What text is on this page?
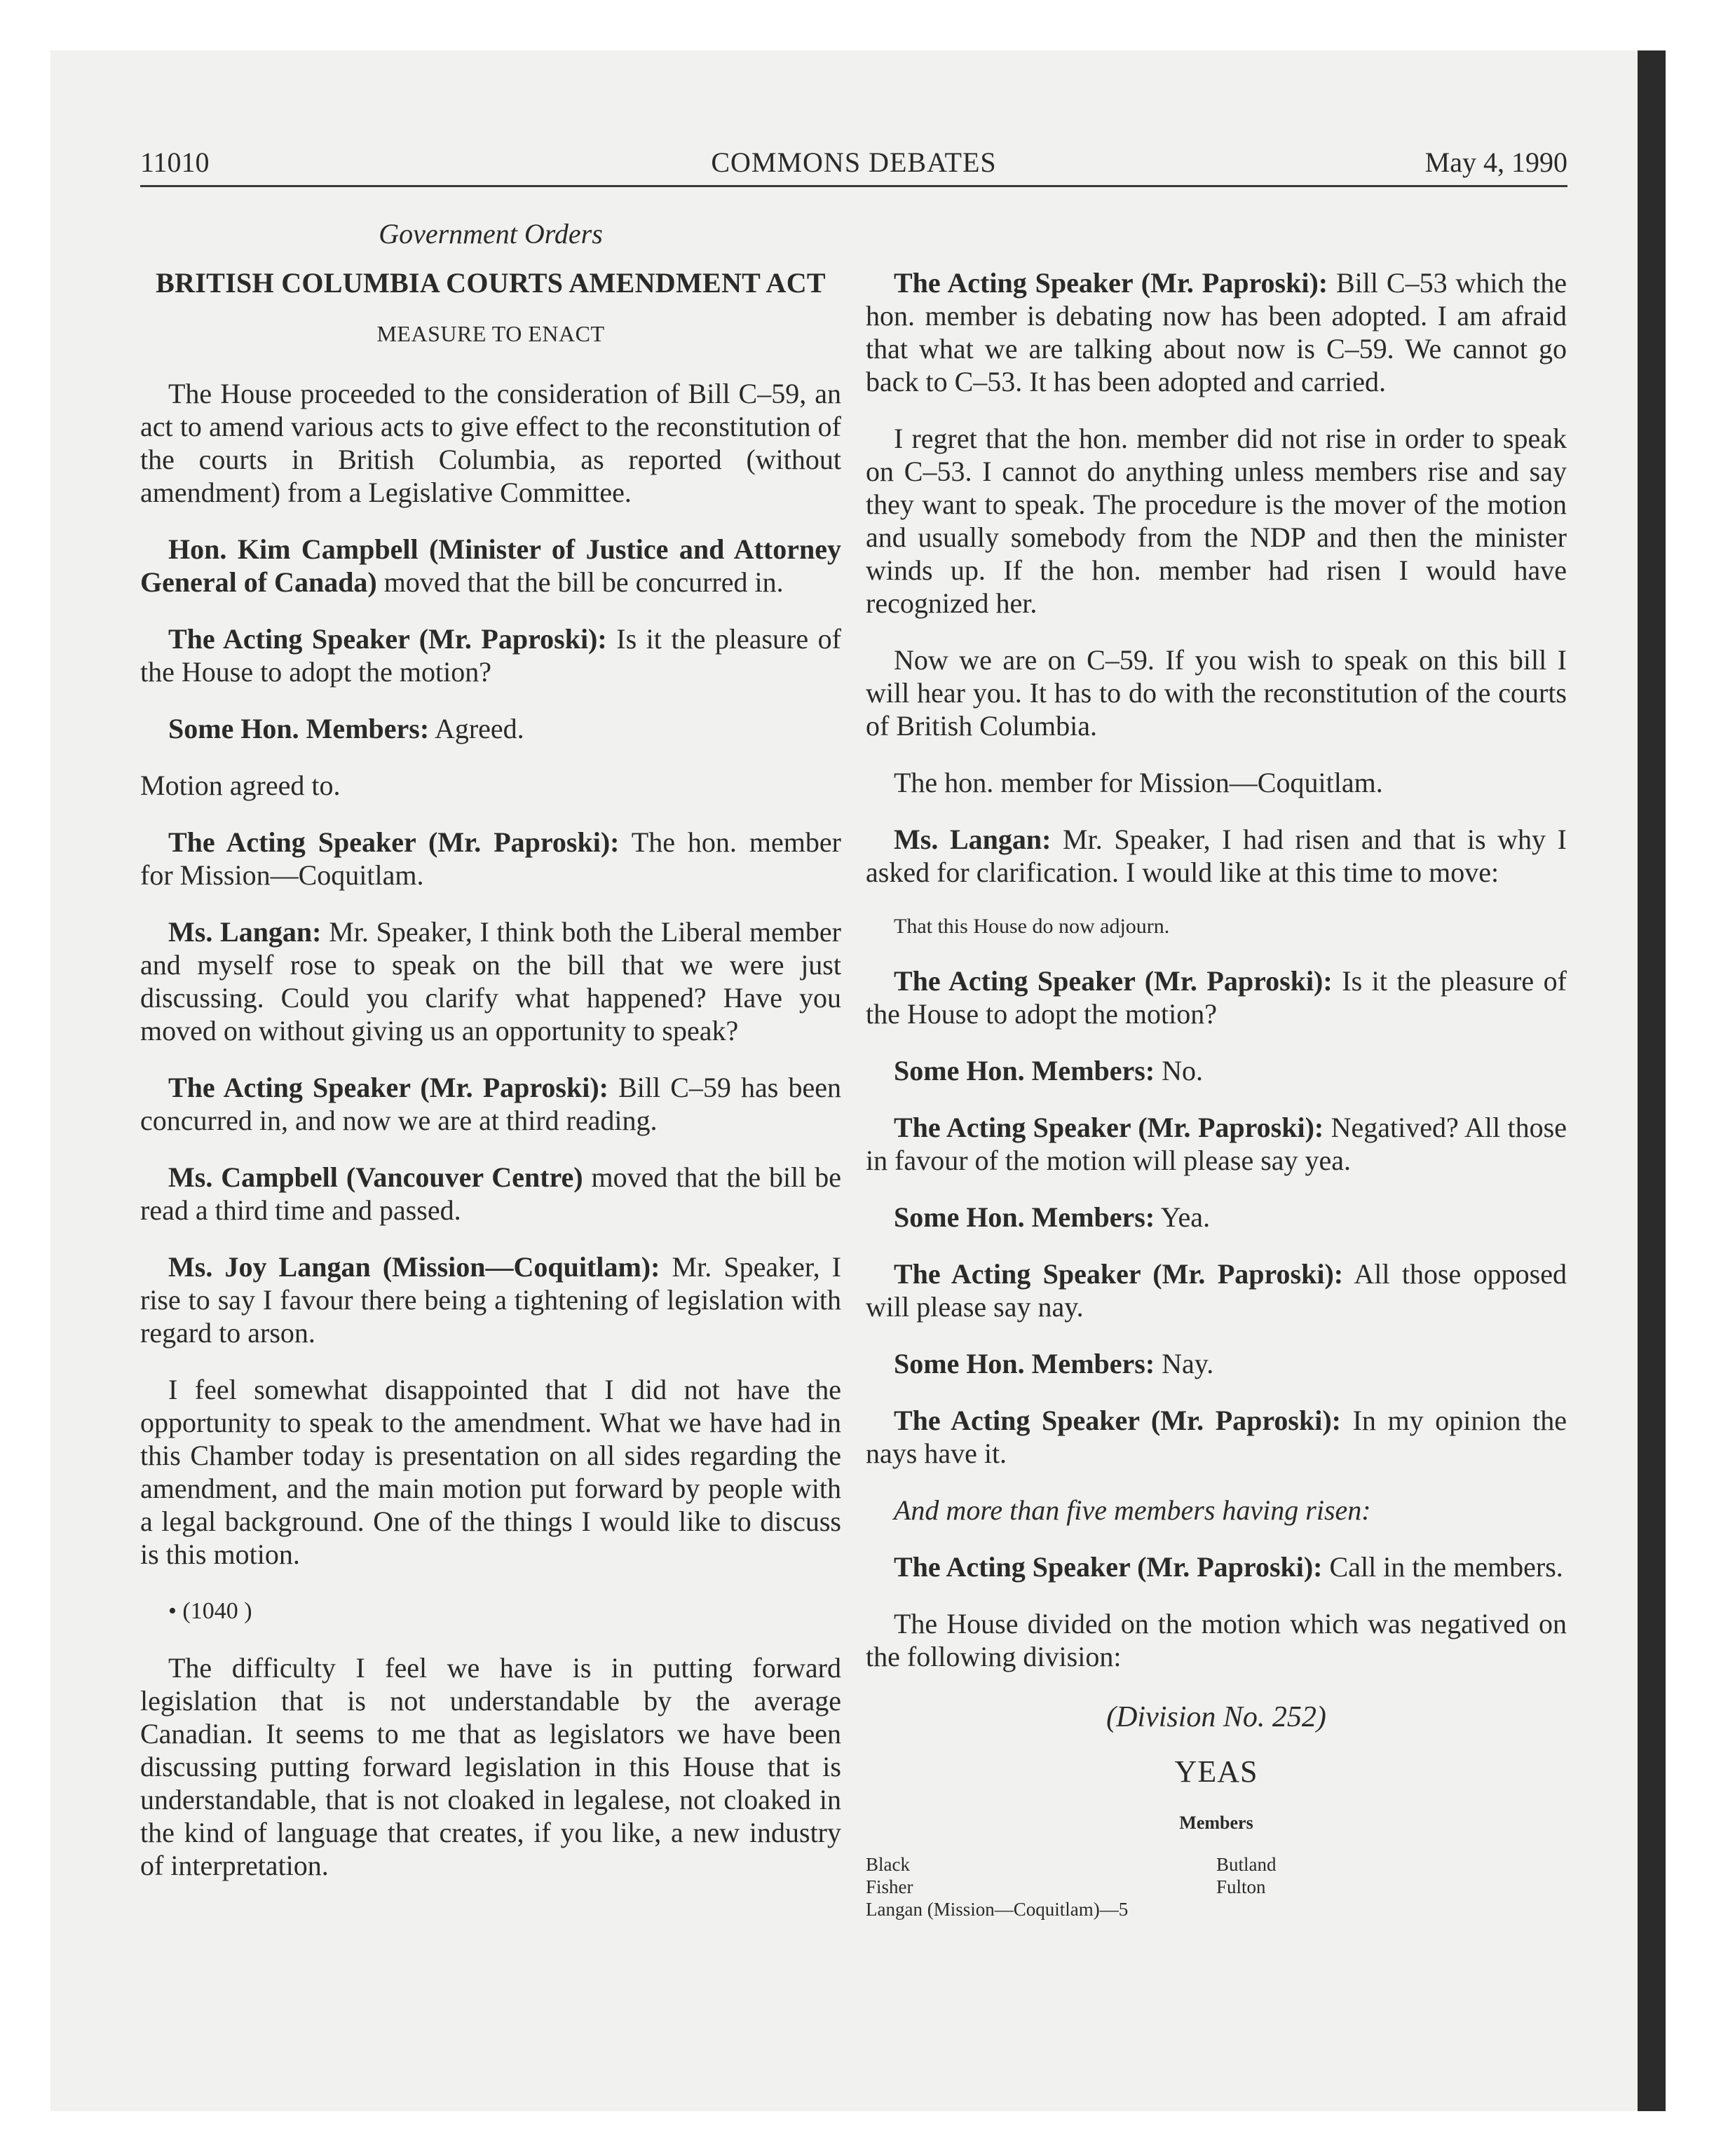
11010	COMMONS DEBATES	May 4, 1990
Government Orders
BRITISH COLUMBIA COURTS AMENDMENT ACT
MEASURE TO ENACT

The House proceeded to the consideration of Bill C–59, an act to amend various acts to give effect to the reconstitution of the courts in British Columbia, as reported (without amendment) from a Legislative Committee.

Hon. Kim Campbell (Minister of Justice and Attorney General of Canada) moved that the bill be concurred in.

The Acting Speaker (Mr. Paproski): Is it the pleasure of the House to adopt the motion?

Some Hon. Members: Agreed.

Motion agreed to.

The Acting Speaker (Mr. Paproski): The hon. member for Mission—Coquitlam.

Ms. Langan: Mr. Speaker, I think both the Liberal member and myself rose to speak on the bill that we were just discussing. Could you clarify what happened? Have you moved on without giving us an opportunity to speak?

The Acting Speaker (Mr. Paproski): Bill C–59 has been concurred in, and now we are at third reading.

Ms. Campbell (Vancouver Centre) moved that the bill be read a third time and passed.

Ms. Joy Langan (Mission—Coquitlam): Mr. Speaker, I rise to say I favour there being a tightening of legislation with regard to arson.

I feel somewhat disappointed that I did not have the opportunity to speak to the amendment. What we have had in this Chamber today is presentation on all sides regarding the amendment, and the main motion put forward by people with a legal background. One of the things I would like to discuss is this motion.

• (1040 )

The difficulty I feel we have is in putting forward legislation that is not understandable by the average Canadian. It seems to me that as legislators we have been discussing putting forward legislation in this House that is understandable, that is not cloaked in legalese, not cloaked in the kind of language that creates, if you like, a new industry of interpretation.

The Acting Speaker (Mr. Paproski): Bill C–53 which the hon. member is debating now has been adopted. I am afraid that what we are talking about now is C–59. We cannot go back to C–53. It has been adopted and carried.

I regret that the hon. member did not rise in order to speak on C–53. I cannot do anything unless members rise and say they want to speak. The procedure is the mover of the motion and usually somebody from the NDP and then the minister winds up. If the hon. member had risen I would have recognized her.

Now we are on C–59. If you wish to speak on this bill I will hear you. It has to do with the reconstitution of the courts of British Columbia.

The hon. member for Mission—Coquitlam.

Ms. Langan: Mr. Speaker, I had risen and that is why I asked for clarification. I would like at this time to move:

That this House do now adjourn.

The Acting Speaker (Mr. Paproski): Is it the pleasure of the House to adopt the motion?

Some Hon. Members: No.

The Acting Speaker (Mr. Paproski): Negatived? All those in favour of the motion will please say yea.

Some Hon. Members: Yea.

The Acting Speaker (Mr. Paproski): All those opposed will please say nay.

Some Hon. Members: Nay.

The Acting Speaker (Mr. Paproski): In my opinion the nays have it.

And more than five members having risen:

The Acting Speaker (Mr. Paproski): Call in the members.

The House divided on the motion which was negatived on the following division:

(Division No. 252)
YEAS
Members
Black
Fisher
Langan (Mission—Coquitlam)—5
Butland
Fulton
